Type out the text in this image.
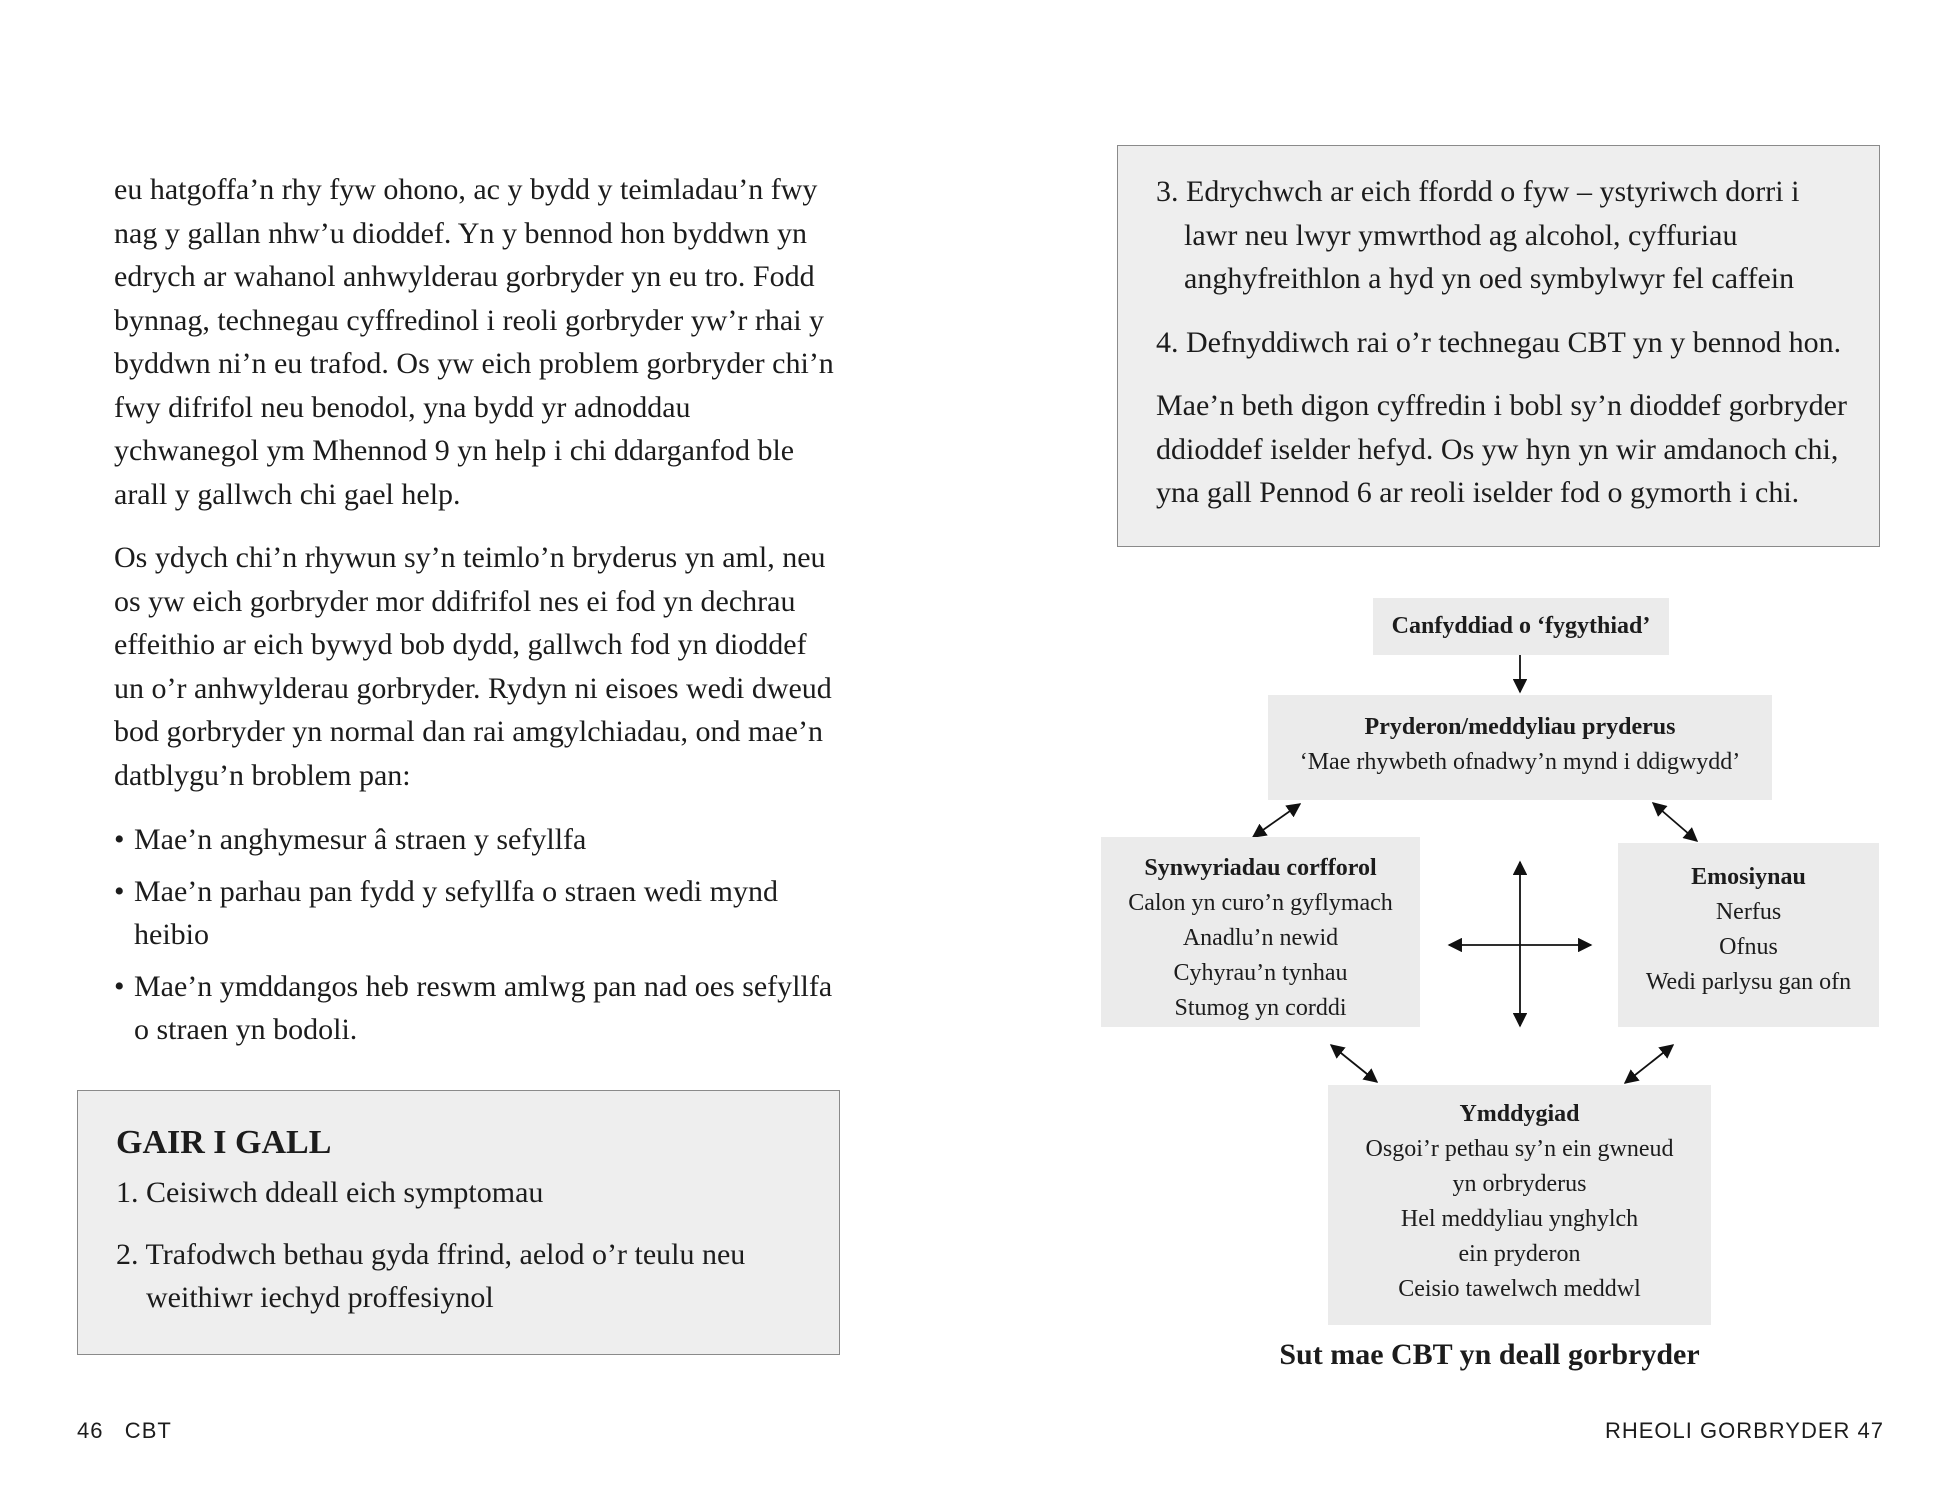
eu hatgoffa’n rhy fyw ohono, ac y bydd y teimladau’n fwy nag y gallan nhw’u dioddef. Yn y bennod hon byddwn yn edrych ar wahanol anhwylderau gorbryder yn eu tro. Fodd bynnag, technegau cyffredinol i reoli gorbryder yw’r rhai y byddwn ni’n eu trafod. Os yw eich problem gorbryder chi’n fwy difrifol neu benodol, yna bydd yr adnoddau ychwanegol ym Mhennod 9 yn help i chi ddarganfod ble arall y gallwch chi gael help.

Os ydych chi’n rhywun sy’n teimlo’n bryderus yn aml, neu os yw eich gorbryder mor ddifrifol nes ei fod yn dechrau effeithio ar eich bywyd bob dydd, gallwch fod yn dioddef un o’r anhwylderau gorbryder. Rydyn ni eisoes wedi dweud bod gorbryder yn normal dan rai amgylchiadau, ond mae’n datblygu’n broblem pan:

• Mae’n anghymesur â straen y sefyllfa
• Mae’n parhau pan fydd y sefyllfa o straen wedi mynd heibio
• Mae’n ymddangos heb reswm amlwg pan nad oes sefyllfa o straen yn bodoli.

GAIR I GALL

1. Ceisiwch ddeall eich symptomau

2. Trafodwch bethau gyda ffrind, aelod o’r teulu neu weithiwr iechyd proffesiynol

46   CBT

3. Edrychwch ar eich ffordd o fyw – ystyriwch dorri i lawr neu lwyr ymwrthod ag alcohol, cyffuriau anghyfreithlon a hyd yn oed symbylwyr fel caffein

4. Defnyddiwch rai o’r technegau CBT yn y bennod hon.

Mae’n beth digon cyffredin i bobl sy’n dioddef gorbryder ddioddef iselder hefyd. Os yw hyn yn wir amdanoch chi, yna gall Pennod 6 ar reoli iselder fod o gymorth i chi.

Canfyddiad o ‘fygythiad’
Pryderon/meddyliau pryderus
‘Mae rhywbeth ofnadwy’n mynd i ddigwydd’
Synwyriadau corfforol
Calon yn curo’n gyflymach
Anadlu’n newid
Cyhyrau’n tynhau
Stumog yn corddi
Emosiynau
Nerfus
Ofnus
Wedi parlysu gan ofn
Ymddygiad
Osgoi’r pethau sy’n ein gwneud
yn orbryderus
Hel meddyliau ynghylch
ein pryderon
Ceisio tawelwch meddwl
Sut mae CBT yn deall gorbryder
RHEOLI GORBRYDER 47
